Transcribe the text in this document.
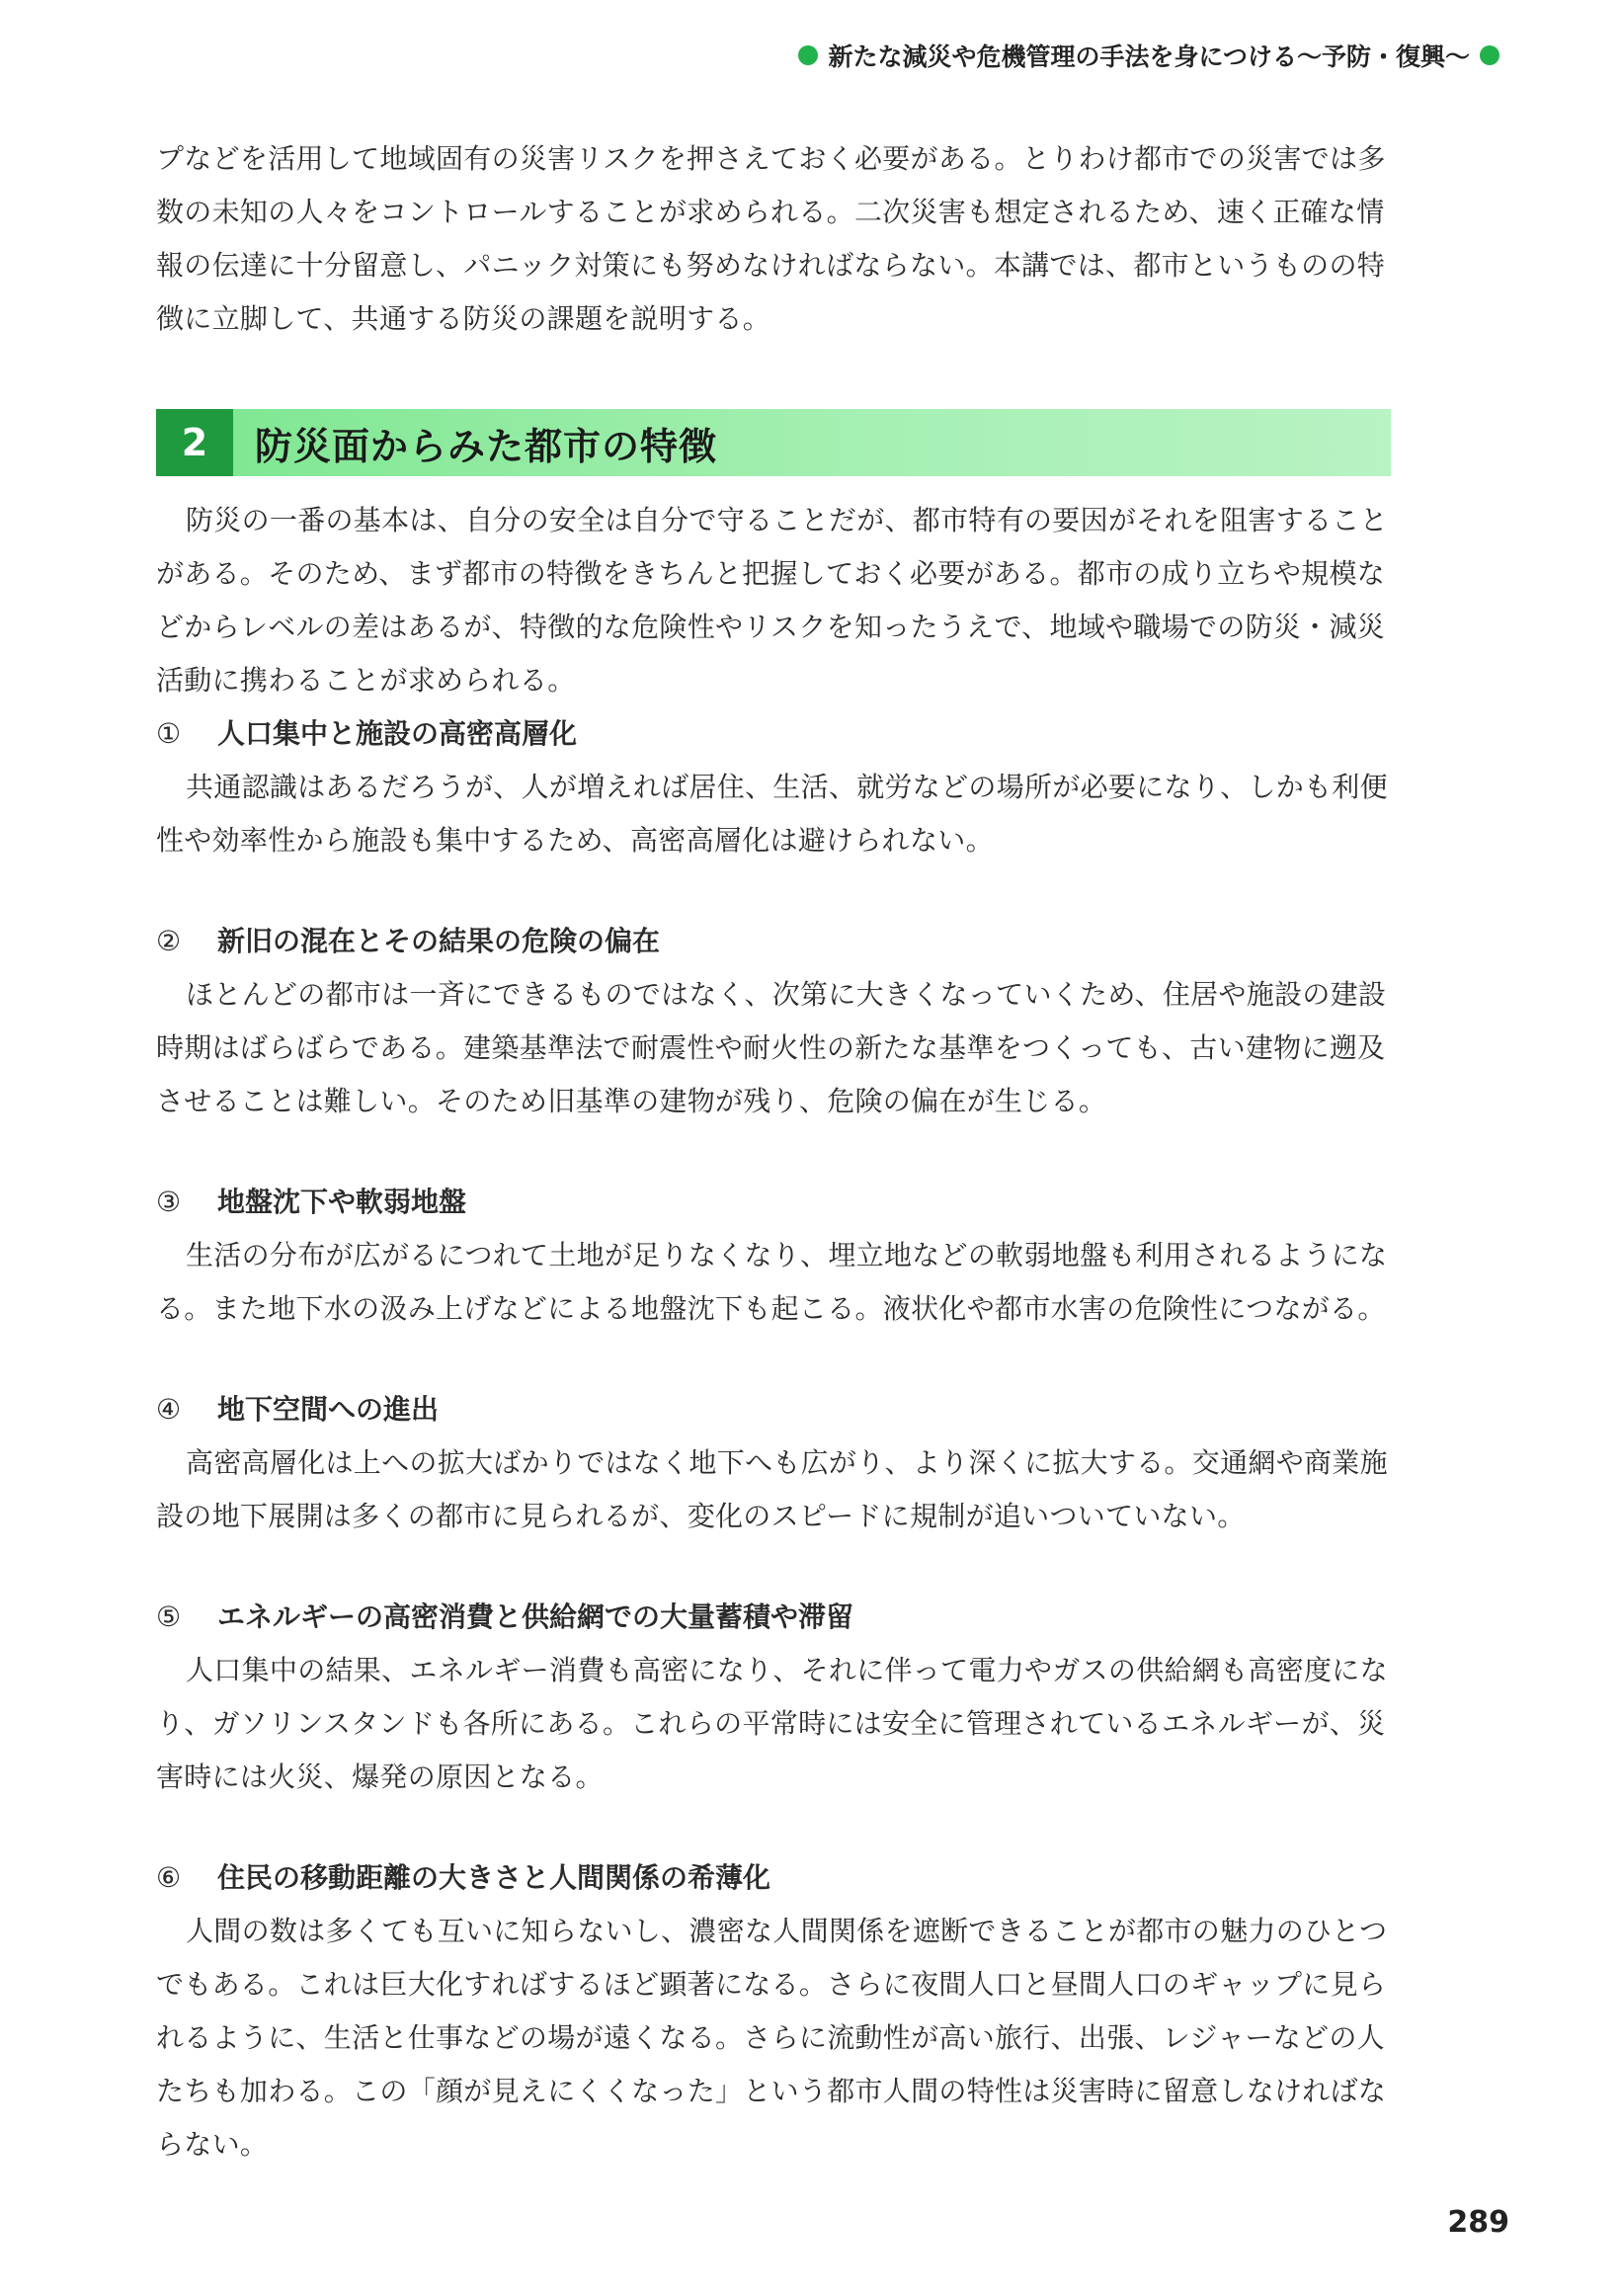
新たな減災や危機管理の手法を身につける～予防・復興～

プなどを活用して地域固有の災害リスクを押さえておく必要がある。とりわけ都市での災害では多数の未知の人々をコントロールすることが求められる。二次災害も想定されるため、速く正確な情報の伝達に十分留意し、パニック対策にも努めなければならない。本講では、都市というものの特徴に立脚して、共通する防災の課題を説明する。

2	防災面からみた都市の特徴

防災の一番の基本は、自分の安全は自分で守ることだが、都市特有の要因がそれを阻害することがある。そのため、まず都市の特徴をきちんと把握しておく必要がある。都市の成り立ちや規模などからレベルの差はあるが、特徴的な危険性やリスクを知ったうえで、地域や職場での防災・減災活動に携わることが求められる。

①	人口集中と施設の高密高層化

共通認識はあるだろうが、人が増えれば居住、生活、就労などの場所が必要になり、しかも利便性や効率性から施設も集中するため、高密高層化は避けられない。

②	新旧の混在とその結果の危険の偏在

ほとんどの都市は一斉にできるものではなく、次第に大きくなっていくため、住居や施設の建設時期はばらばらである。建築基準法で耐震性や耐火性の新たな基準をつくっても、古い建物に遡及させることは難しい。そのため旧基準の建物が残り、危険の偏在が生じる。

③	地盤沈下や軟弱地盤

生活の分布が広がるにつれて土地が足りなくなり、埋立地などの軟弱地盤も利用されるようになる。また地下水の汲み上げなどによる地盤沈下も起こる。液状化や都市水害の危険性につながる。

④	地下空間への進出

高密高層化は上への拡大ばかりではなく地下へも広がり、より深くに拡大する。交通網や商業施設の地下展開は多くの都市に見られるが、変化のスピードに規制が追いついていない。

⑤	エネルギーの高密消費と供給網での大量蓄積や滞留

人口集中の結果、エネルギー消費も高密になり、それに伴って電力やガスの供給網も高密度になり、ガソリンスタンドも各所にある。これらの平常時には安全に管理されているエネルギーが、災害時には火災、爆発の原因となる。

⑥	住民の移動距離の大きさと人間関係の希薄化

人間の数は多くても互いに知らないし、濃密な人間関係を遮断できることが都市の魅力のひとつでもある。これは巨大化すればするほど顕著になる。さらに夜間人口と昼間人口のギャップに見られるように、生活と仕事などの場が遠くなる。さらに流動性が高い旅行、出張、レジャーなどの人たちも加わる。この「顔が見えにくくなった」という都市人間の特性は災害時に留意しなければならない。

289
